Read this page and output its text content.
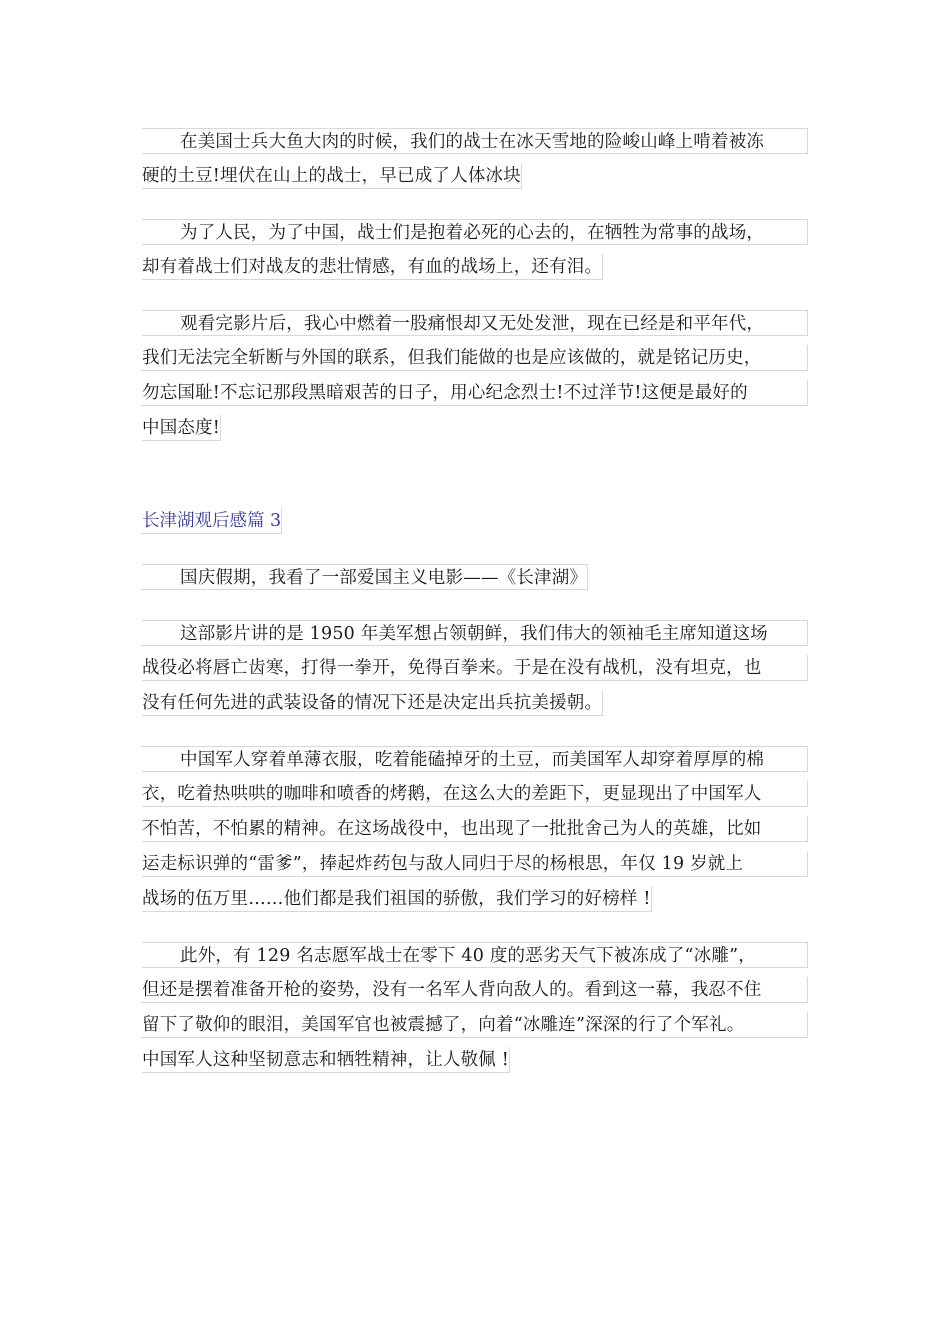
在美国士兵大鱼大肉的时候，我们的战士在冰天雪地的险峻山峰上啃着被冻
硬的土豆!埋伏在山上的战士，早已成了人体冰块
为了人民，为了中国，战士们是抱着必死的心去的，在牺牲为常事的战场，
却有着战士们对战友的悲壮情感，有血的战场上，还有泪。
观看完影片后，我心中燃着一股痛恨却又无处发泄，现在已经是和平年代，
我们无法完全斩断与外国的联系，但我们能做的也是应该做的，就是铭记历史，
勿忘国耻!不忘记那段黑暗艰苦的日子，用心纪念烈士!不过洋节!这便是最好的
中国态度!
长津湖观后感篇 3
国庆假期，我看了一部爱国主义电影——《长津湖》
这部影片讲的是 1950 年美军想占领朝鲜，我们伟大的领袖毛主席知道这场
战役必将唇亡齿寒，打得一拳开，免得百拳来。于是在没有战机，没有坦克，也
没有任何先进的武装设备的情况下还是决定出兵抗美援朝。
中国军人穿着单薄衣服，吃着能磕掉牙的土豆，而美国军人却穿着厚厚的棉
衣，吃着热哄哄的咖啡和喷香的烤鹅，在这么大的差距下，更显现出了中国军人
不怕苦，不怕累的精神。在这场战役中，也出现了一批批舍己为人的英雄，比如
运走标识弹的“雷爹”，捧起炸药包与敌人同归于尽的杨根思，年仅 19 岁就上
战场的伍万里……他们都是我们祖国的骄傲，我们学习的好榜样 !
此外，有 129 名志愿军战士在零下 40 度的恶劣天气下被冻成了“冰雕”，
但还是摆着准备开枪的姿势，没有一名军人背向敌人的。看到这一幕，我忍不住
留下了敬仰的眼泪，美国军官也被震撼了，向着“冰雕连”深深的行了个军礼。
中国军人这种坚韧意志和牺牲精神，让人敬佩 !
